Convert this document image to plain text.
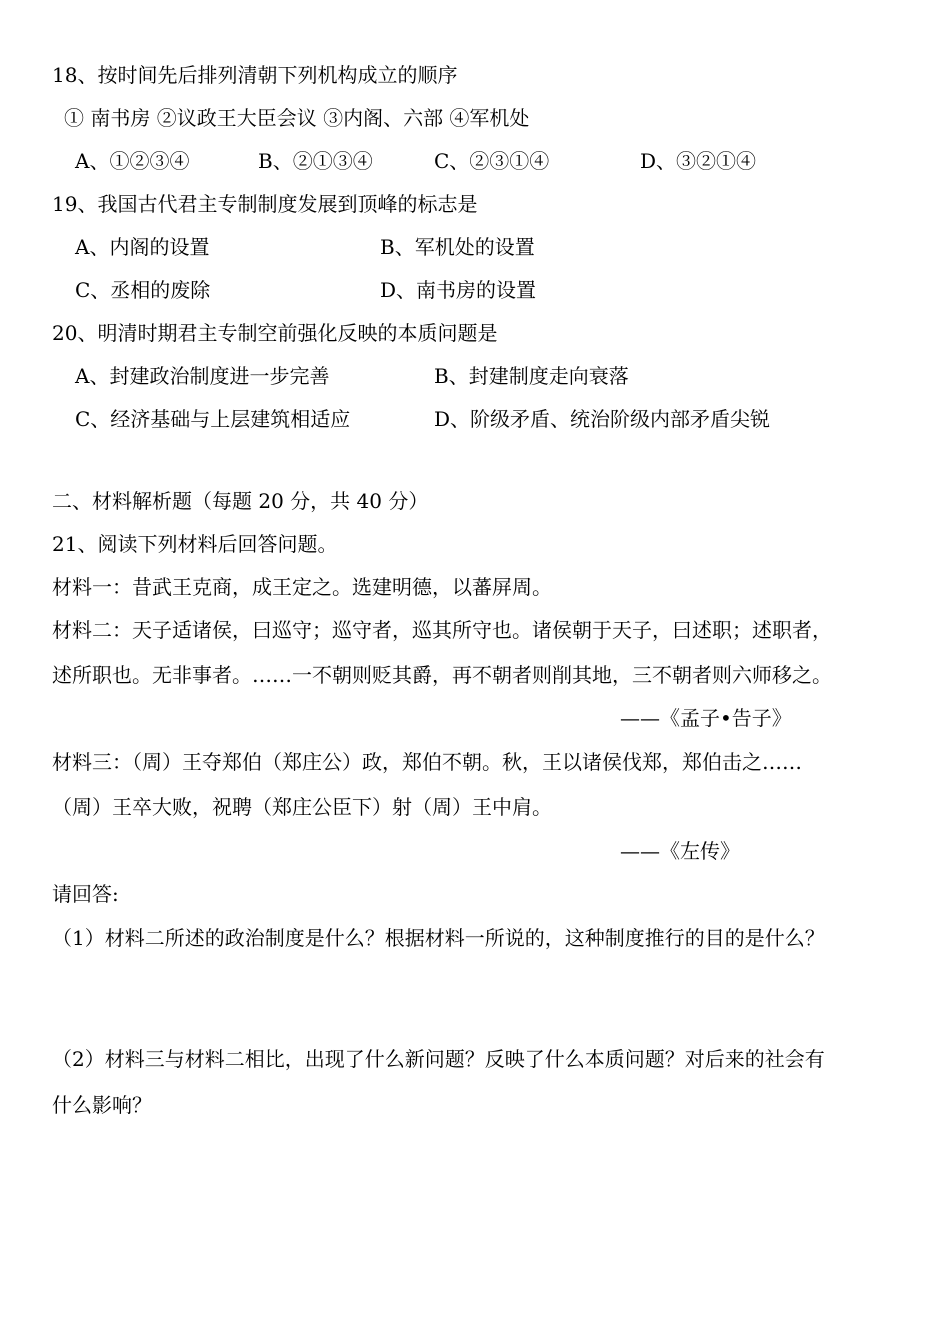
18、按时间先后排列清朝下列机构成立的顺序
① 南书房 ②议政王大臣会议 ③内阁、六部 ④军机处
A、①②③④	B、②①③④	C、②③①④	D、③②①④
19、我国古代君主专制制度发展到顶峰的标志是
A、内阁的设置	B、军机处的设置
C、丞相的废除	D、南书房的设置
20、明清时期君主专制空前强化反映的本质问题是
A、封建政治制度进一步完善	B、封建制度走向衰落
C、经济基础与上层建筑相适应	D、阶级矛盾、统治阶级内部矛盾尖锐
二、材料解析题（每题 20 分，共 40 分）
21、阅读下列材料后回答问题。
材料一：昔武王克商，成王定之。选建明德，以蕃屏周。
材料二：天子适诸侯，曰巡守；巡守者，巡其所守也。诸侯朝于天子，曰述职；述职者，
述所职也。无非事者。……一不朝则贬其爵，再不朝者则削其地，三不朝者则六师移之。
——《孟子•告子》
材料三：（周）王夺郑伯（郑庄公）政，郑伯不朝。秋，王以诸侯伐郑，郑伯击之……
（周）王卒大败，祝聘（郑庄公臣下）射（周）王中肩。
——《左传》
请回答:
（1）材料二所述的政治制度是什么？根据材料一所说的，这种制度推行的目的是什么？
（2）材料三与材料二相比，出现了什么新问题？反映了什么本质问题？对后来的社会有
什么影响？
